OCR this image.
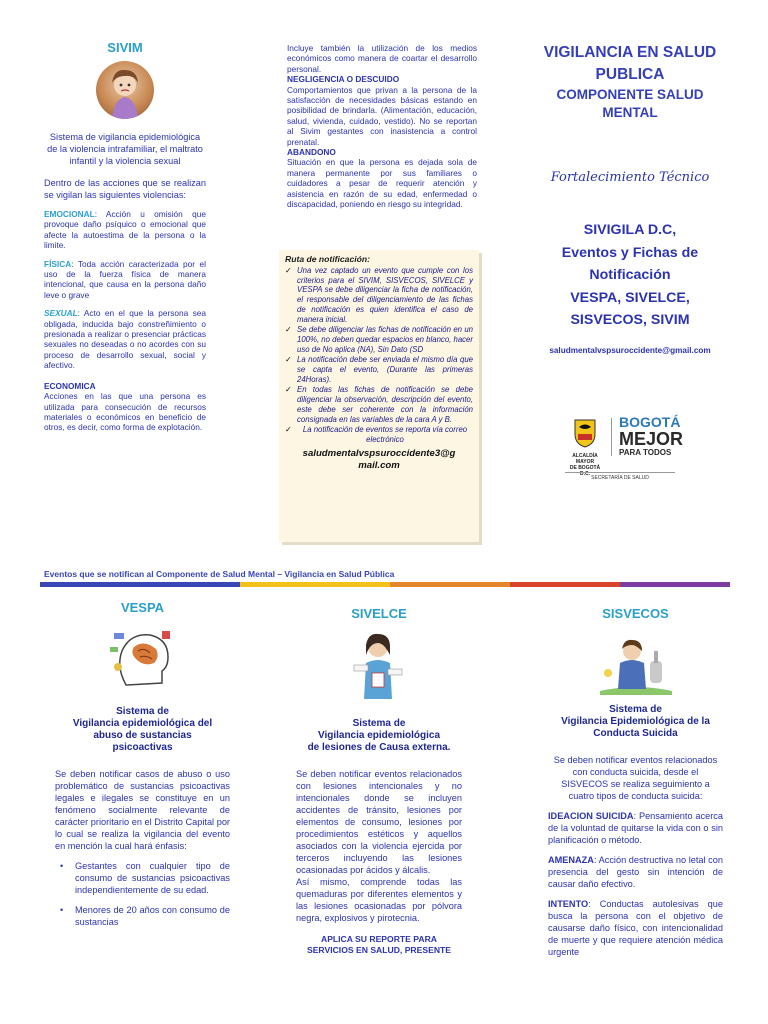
SIVIM

Sistema de vigilancia epidemiológica de la violencia intrafamiliar, el maltrato infantil y la violencia sexual

Dentro de las acciones que se realizan se vigilan las siguientes violencias:

EMOCIONAL: Acción u omisión que provoque daño psíquico o emocional que afecte la autoestima de la persona o la limite.

FÍSICA: Toda acción caracterizada por el uso de la fuerza física de manera intencional, que causa en la persona daño leve o grave

SEXUAL: Acto en el que la persona sea obligada, inducida bajo constreñimiento o presionada a realizar o presenciar prácticas sexuales no deseadas o no acordes con su proceso de desarrollo sexual, social y afectivo.

ECONOMICA
Acciones en las que una persona es utilizada para consecución de recursos materiales o económicos en beneficio de otros, es decir, como forma de explotación.

Incluye también la utilización de los medios económicos como manera de coartar el desarrollo personal.
NEGLIGENCIA O DESCUIDO
Comportamientos que privan a la persona de la satisfacción de necesidades básicas estando en posibilidad de brindarla. (Alimentación, educación, salud, vivienda, cuidado, vestido). No se reportan al Sivim gestantes con inasistencia a control prenatal.
ABANDONO
Situación en que la persona es dejada sola de manera permanente por sus familiares o cuidadores a pesar de requerir atención y asistencia en razón de su edad, enfermedad o discapacidad, poniendo en riesgo su integridad.
Ruta de notificación:
✓ Una vez captado un evento que cumple con los criterios para el SIVIM, SISVECOS, SIVELCE y VESPA se debe diligenciar la ficha de notificación, el responsable del diligenciamiento de las fichas de notificación es quien identifica el caso de manera inicial.
✓ Se debe diligenciar las fichas de notificación en un 100%, no deben quedar espacios en blanco, hacer uso de No aplica (NA), Sin Dato (SD
✓ La notificación debe ser enviada el mismo día que se capta el evento, (Durante las primeras 24Horas).
✓ En todas las fichas de notificación se debe diligenciar la observación, descripción del evento, este debe ser coherente con la información consignada en las variables de la cara A y B.
✓ La notificación de eventos se reporta vía correo electrónico
saludmentalvspsuroccidente3@g
mail.com
VIGILANCIA EN SALUD
PUBLICA
COMPONENTE SALUD
MENTAL
Fortalecimiento Técnico
SIVIGILA D.C,
Eventos y Fichas de
Notificación
VESPA, SIVELCE,
SISVECOS, SIVIM
saludmentalvspsuroccidente@gmail.com
ALCALDÍA MAYOR
DE BOGOTÁ D.C.
BOGOTÁ
MEJOR
PARA TODOS
SECRETARÍA DE SALUD
Eventos que se notifican al Componente de Salud Mental – Vigilancia en Salud Pública
VESPA
Sistema de
Vigilancia epidemiológica del
abuso de sustancias
psicoactivas

Se deben notificar casos de abuso o uso problemático de sustancias psicoactivas legales e ilegales se constituye en un fenómeno socialmente relevante de carácter prioritario en el Distrito Capital por lo cual se realiza la vigilancia del evento en mención la cual hará énfasis:

• Gestantes con cualquier tipo de consumo de sustancias psicoactivas independientemente de su edad.
• Menores de 20 años con consumo de sustancias
SIVELCE
Sistema de
Vigilancia epidemiológica
de lesiones de Causa externa.

Se deben notificar eventos relacionados con lesiones intencionales y no intencionales donde se incluyen accidentes de tránsito, lesiones por elementos de consumo, lesiones por procedimientos estéticos y aquellos asociados con la violencia ejercida por terceros incluyendo las lesiones ocasionadas por ácidos y álcalis.

Así mismo, comprende todas las quemaduras por diferentes elementos y las lesiones ocasionadas por pólvora negra, explosivos y pirotecnia.

APLICA SU REPORTE PARA
SERVICIOS EN SALUD, PRESENTE
SISVECOS
Sistema de
Vigilancia Epidemiológica de la
Conducta Suicida

Se deben notificar eventos relacionados con conducta suicida, desde el SISVECOS se realiza seguimiento a cuatro tipos de conducta suicida:

IDEACION SUICIDA: Pensamiento acerca de la voluntad de quitarse la vida con o sin planificación o método.

AMENAZA: Acción destructiva no letal con presencia del gesto sin intención de causar daño efectivo.

INTENTO: Conductas autolesivas que busca la persona con el objetivo de causarse daño físico, con intencionalidad de muerte y que requiere atención médica urgente
